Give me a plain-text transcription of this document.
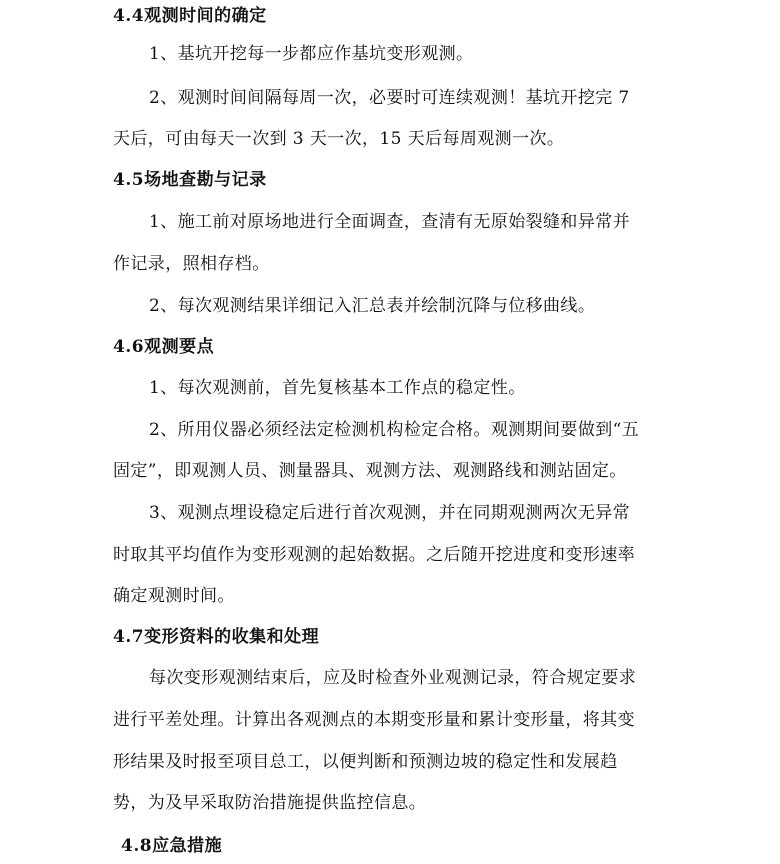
4.4观测时间的确定
1、基坑开挖每一步都应作基坑变形观测。
2、观测时间间隔每周一次，必要时可连续观测！基坑开挖完 7
天后，可由每天一次到 3 天一次，15 天后每周观测一次。
4.5场地查勘与记录
1、施工前对原场地进行全面调查，查清有无原始裂缝和异常并
作记录，照相存档。
2、每次观测结果详细记入汇总表并绘制沉降与位移曲线。
4.6观测要点
1、每次观测前，首先复核基本工作点的稳定性。
2、所用仪器必须经法定检测机构检定合格。观测期间要做到“五
固定”，即观测人员、测量器具、观测方法、观测路线和测站固定。
3、观测点埋设稳定后进行首次观测，并在同期观测两次无异常
时取其平均值作为变形观测的起始数据。之后随开挖进度和变形速率
确定观测时间。
4.7变形资料的收集和处理
每次变形观测结束后，应及时检查外业观测记录，符合规定要求
进行平差处理。计算出各观测点的本期变形量和累计变形量，将其变
形结果及时报至项目总工，以便判断和预测边坡的稳定性和发展趋
势，为及早采取防治措施提供监控信息。
4.8应急措施
